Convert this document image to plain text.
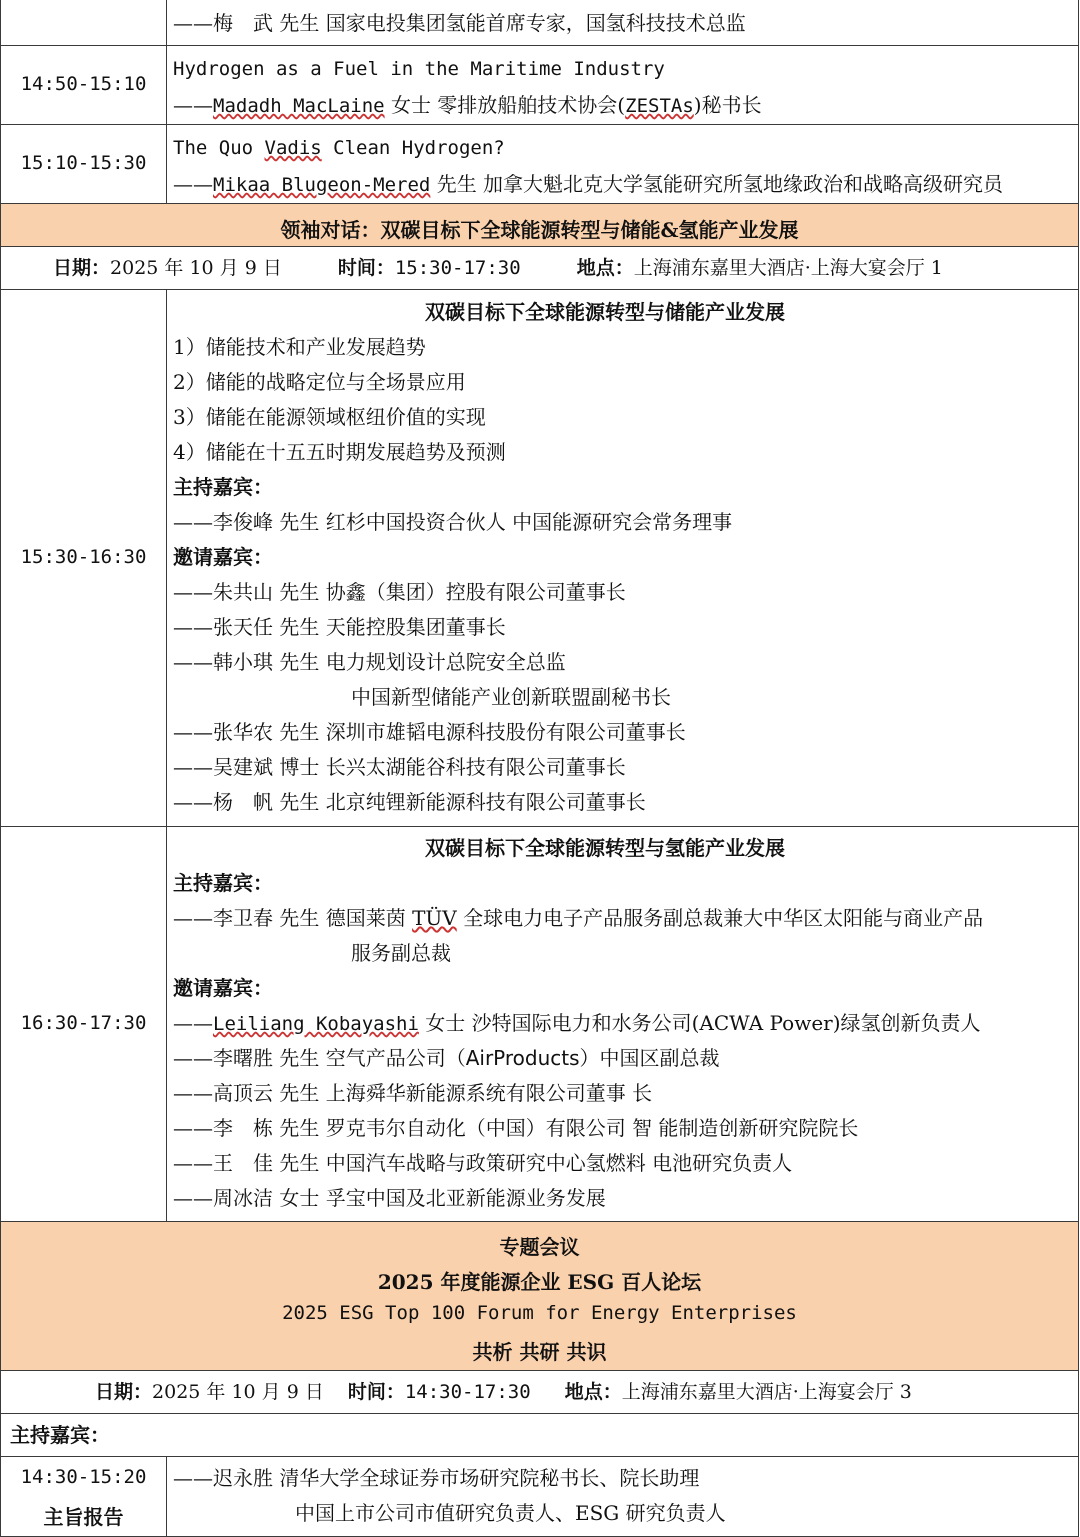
——梅　武 先生 国家电投集团氢能首席专家，国氢科技技术总监
14:50-15:10
Hydrogen as a Fuel in the Maritime Industry
——Madadh MacLaine 女士 零排放船舶技术协会(ZESTAs)秘书长
15:10-15:30
The Quo Vadis Clean Hydrogen?
——Mikaa Blugeon-Mered 先生 加拿大魁北克大学氢能研究所氢地缘政治和战略高级研究员
领袖对话：双碳目标下全球能源转型与储能&氢能产业发展
日期：2025 年 10 月 9 日	时间：15:30-17:30	地点：上海浦东嘉里大酒店·上海大宴会厅 1
15:30-16:30
双碳目标下全球能源转型与储能产业发展
1）储能技术和产业发展趋势
2）储能的战略定位与全场景应用
3）储能在能源领域枢纽价值的实现
4）储能在十五五时期发展趋势及预测
主持嘉宾：
——李俊峰 先生 红杉中国投资合伙人 中国能源研究会常务理事
邀请嘉宾：
——朱共山 先生 协鑫（集团）控股有限公司董事长
——张天任 先生 天能控股集团董事长
——韩小琪 先生 电力规划设计总院安全总监
中国新型储能产业创新联盟副秘书长
——张华农 先生 深圳市雄韬电源科技股份有限公司董事长
——吴建斌 博士 长兴太湖能谷科技有限公司董事长
——杨　帆 先生 北京纯锂新能源科技有限公司董事长
16:30-17:30
双碳目标下全球能源转型与氢能产业发展
主持嘉宾：
——李卫春 先生 德国莱茵 TÜV 全球电力电子产品服务副总裁兼大中华区太阳能与商业产品
服务副总裁
邀请嘉宾：
——Leiliang Kobayashi 女士 沙特国际电力和水务公司(ACWA Power)绿氢创新负责人
——李曙胜 先生 空气产品公司（AirProducts）中国区副总裁
——高顶云 先生 上海舜华新能源系统有限公司董事 长
——李　栋 先生 罗克韦尔自动化（中国）有限公司 智 能制造创新研究院院长
——王　佳 先生 中国汽车战略与政策研究中心氢燃料 电池研究负责人
——周冰洁 女士 孚宝中国及北亚新能源业务发展
专题会议
2025 年度能源企业 ESG 百人论坛
2025 ESG Top 100 Forum for Energy Enterprises
共析 共研 共识
日期：2025 年 10 月 9 日 时间：14:30-17:30 地点：上海浦东嘉里大酒店·上海宴会厅 3
主持嘉宾：
14:30-15:20
主旨报告
——迟永胜 清华大学全球证券市场研究院秘书长、院长助理
中国上市公司市值研究负责人、ESG 研究负责人
